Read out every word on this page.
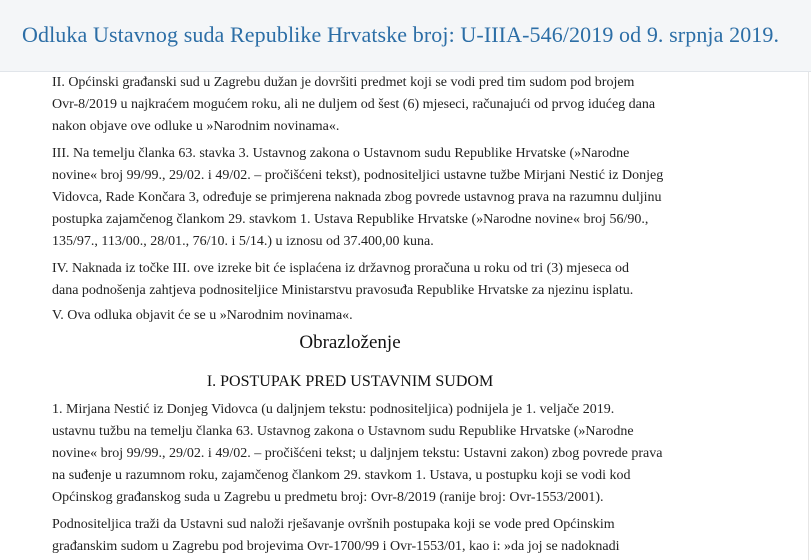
Odluka Ustavnog suda Republike Hrvatske broj: U-IIIA-546/2019 od 9. srpnja 2019.

II. Općinski građanski sud u Zagrebu dužan je dovršiti predmet koji se vodi pred tim sudom pod brojem
Ovr-8/2019 u najkraćem mogućem roku, ali ne duljem od šest (6) mjeseci, računajući od prvog idućeg dana
nakon objave ove odluke u »Narodnim novinama«.

III. Na temelju članka 63. stavka 3. Ustavnog zakona o Ustavnom sudu Republike Hrvatske (»Narodne
novine« broj 99/99., 29/02. i 49/02. – pročišćeni tekst), podnositeljici ustavne tužbe Mirjani Nestić iz Donjeg
Vidovca, Rade Končara 3, određuje se primjerena naknada zbog povrede ustavnog prava na razumnu duljinu
postupka zajamčenog člankom 29. stavkom 1. Ustava Republike Hrvatske (»Narodne novine« broj 56/90.,
135/97., 113/00., 28/01., 76/10. i 5/14.) u iznosu od 37.400,00 kuna.

IV. Naknada iz točke III. ove izreke bit će isplaćena iz državnog proračuna u roku od tri (3) mjeseca od
dana podnošenja zahtjeva podnositeljice Ministarstvu pravosuđa Republike Hrvatske za njezinu isplatu.

V. Ova odluka objavit će se u »Narodnim novinama«.

Obrazloženje
I. POSTUPAK PRED USTAVNIM SUDOM

1. Mirjana Nestić iz Donjeg Vidovca (u daljnjem tekstu: podnositeljica) podnijela je 1. veljače 2019.
ustavnu tužbu na temelju članka 63. Ustavnog zakona o Ustavnom sudu Republike Hrvatske (»Narodne
novine« broj 99/99., 29/02. i 49/02. – pročišćeni tekst; u daljnjem tekstu: Ustavni zakon) zbog povrede prava
na suđenje u razumnom roku, zajamčenog člankom 29. stavkom 1. Ustava, u postupku koji se vodi kod
Općinskog građanskog suda u Zagrebu u predmetu broj: Ovr-8/2019 (ranije broj: Ovr-1553/2001).

Podnositeljica traži da Ustavni sud naloži rješavanje ovršnih postupaka koji se vode pred Općinskim
građanskim sudom u Zagrebu pod brojevima Ovr-1700/99 i Ovr-1553/01, kao i: »da joj se nadoknadi
